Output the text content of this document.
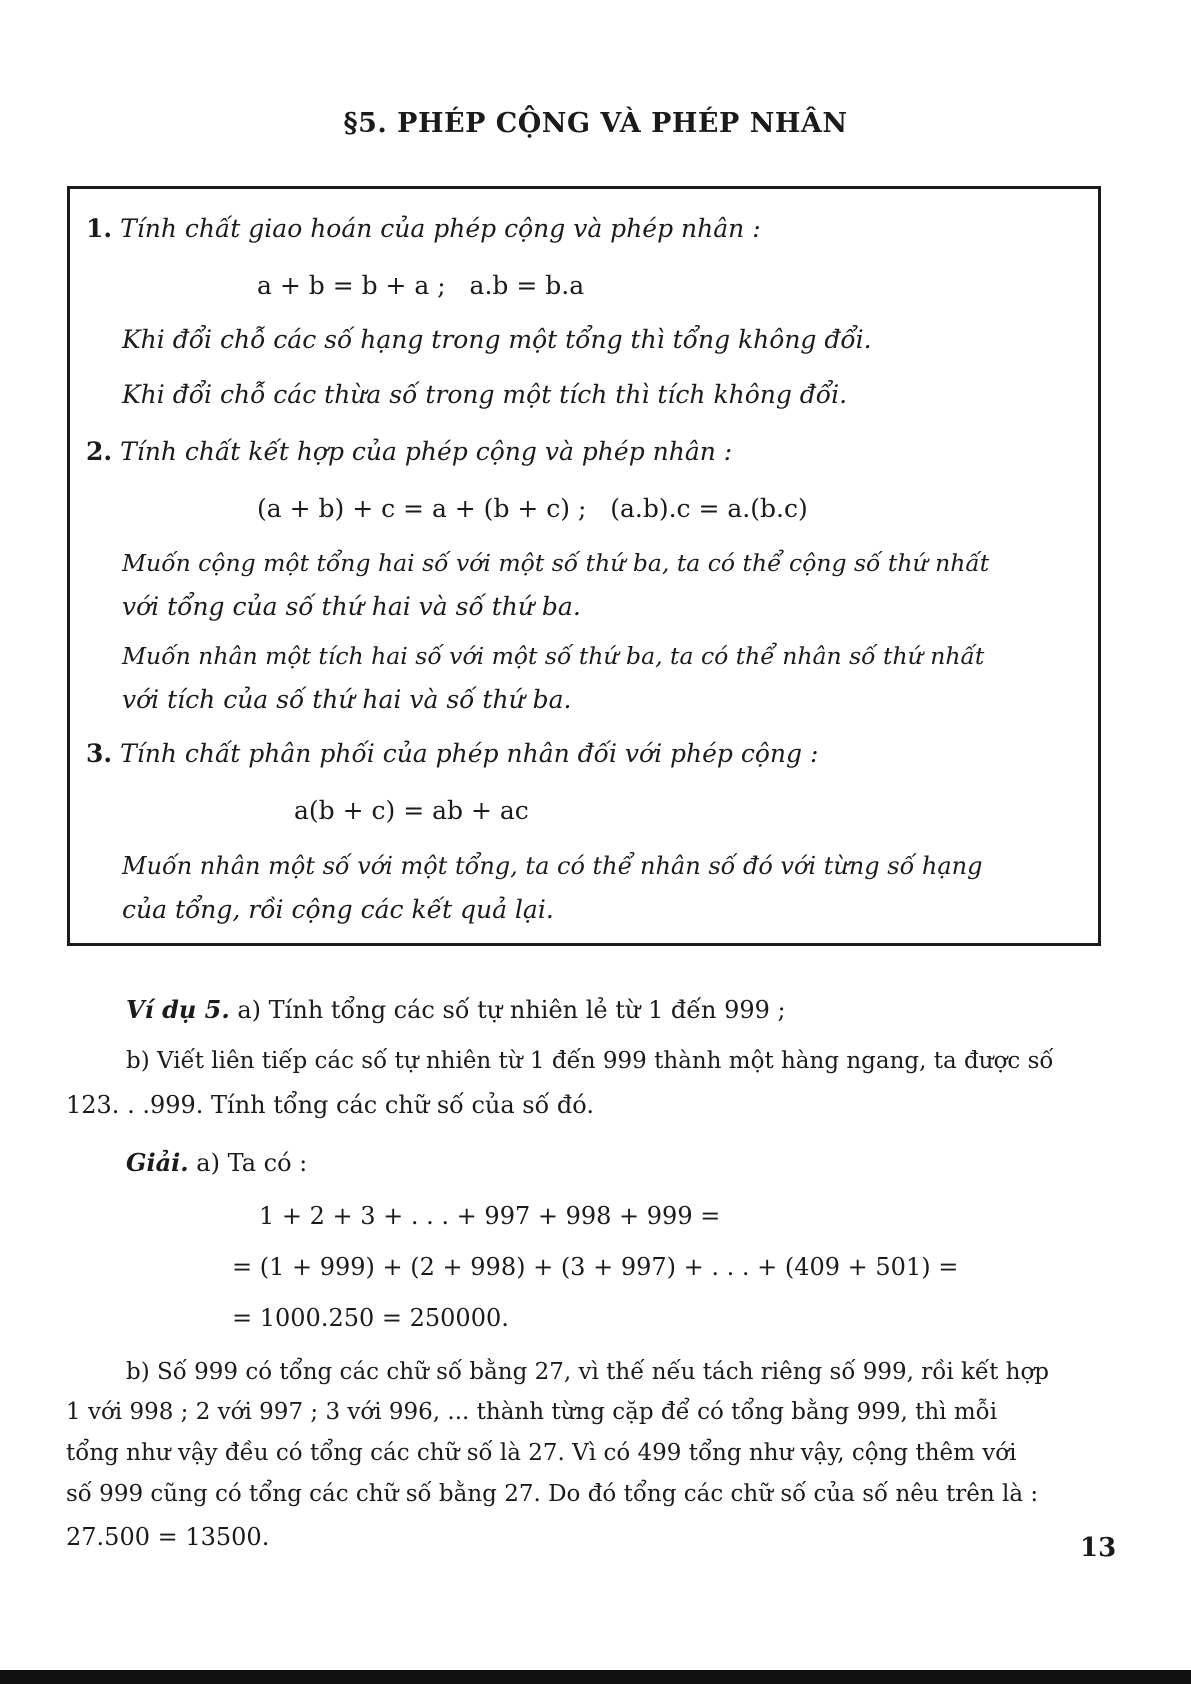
§5. PHÉP CỘNG VÀ PHÉP NHÂN
1. Tính chất giao hoán của phép cộng và phép nhân :
a + b = b + a ;   a.b = b.a
Khi đổi chỗ các số hạng trong một tổng thì tổng không đổi.
Khi đổi chỗ các thừa số trong một tích thì tích không đổi.
2. Tính chất kết hợp của phép cộng và phép nhân :
(a + b) + c = a + (b + c) ;   (a.b).c = a.(b.c)
Muốn cộng một tổng hai số với một số thứ ba, ta có thể cộng số thứ nhất
với tổng của số thứ hai và số thứ ba.
Muốn nhân một tích hai số với một số thứ ba, ta có thể nhân số thứ nhất
với tích của số thứ hai và số thứ ba.
3. Tính chất phân phối của phép nhân đối với phép cộng :
a(b + c) = ab + ac
Muốn nhân một số với một tổng, ta có thể nhân số đó với từng số hạng
của tổng, rồi cộng các kết quả lại.
Ví dụ 5. a) Tính tổng các số tự nhiên lẻ từ 1 đến 999 ;
b) Viết liên tiếp các số tự nhiên từ 1 đến 999 thành một hàng ngang, ta được số
123. . .999. Tính tổng các chữ số của số đó.
Giải. a) Ta có :
1 + 2 + 3 + . . . + 997 + 998 + 999 =
= (1 + 999) + (2 + 998) + (3 + 997) + . . . + (409 + 501) =
= 1000.250 = 250000.
b) Số 999 có tổng các chữ số bằng 27, vì thế nếu tách riêng số 999, rồi kết hợp
1 với 998 ; 2 với 997 ; 3 với 996, ... thành từng cặp để có tổng bằng 999, thì mỗi
tổng như vậy đều có tổng các chữ số là 27. Vì có 499 tổng như vậy, cộng thêm với
số 999 cũng có tổng các chữ số bằng 27. Do đó tổng các chữ số của số nêu trên là :
27.500 = 13500.	13
